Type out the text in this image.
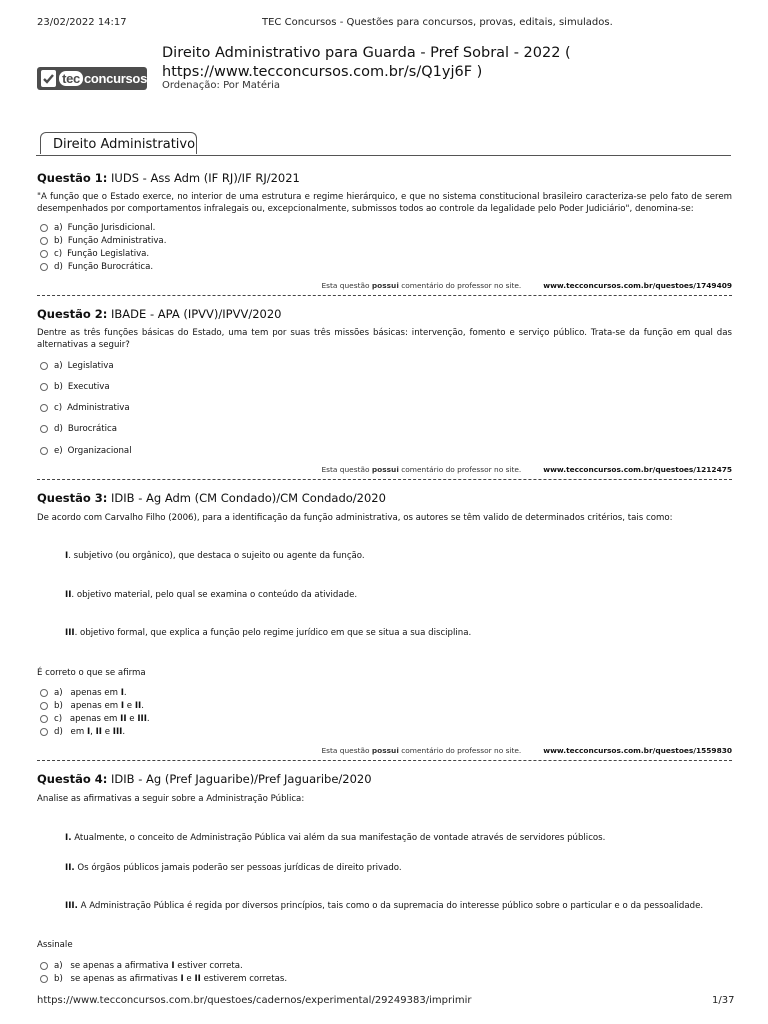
23/02/2022 14:17	TEC Concursos - Questões para concursos, provas, editais, simulados.
tec concursos
Direito Administrativo para Guarda - Pref Sobral - 2022 ( https://www.tecconcursos.com.br/s/Q1yj6F )
Ordenação: Por Matéria
Direito Administrativo
Questão 1: IUDS - Ass Adm (IF RJ)/IF RJ/2021
"A função que o Estado exerce, no interior de uma estrutura e regime hierárquico, e que no sistema constitucional brasileiro caracteriza-se pelo fato de serem desempenhados por comportamentos infralegais ou, excepcionalmente, submissos todos ao controle da legalidade pelo Poder Judiciário", denomina-se:
a) Função Jurisdicional.
b) Função Administrativa.
c) Função Legislativa.
d) Função Burocrática.
Esta questão possui comentário do professor no site.	www.tecconcursos.com.br/questoes/1749409
Questão 2: IBADE - APA (IPVV)/IPVV/2020
Dentre as três funções básicas do Estado, uma tem por suas três missões básicas: intervenção, fomento e serviço público. Trata-se da função em qual das alternativas a seguir?
a) Legislativa
b) Executiva
c) Administrativa
d) Burocrática
e) Organizacional
Esta questão possui comentário do professor no site.	www.tecconcursos.com.br/questoes/1212475
Questão 3: IDIB - Ag Adm (CM Condado)/CM Condado/2020
De acordo com Carvalho Filho (2006), para a identificação da função administrativa, os autores se têm valido de determinados critérios, tais como:
I. subjetivo (ou orgânico), que destaca o sujeito ou agente da função.
II. objetivo material, pelo qual se examina o conteúdo da atividade.
III. objetivo formal, que explica a função pelo regime jurídico em que se situa a sua disciplina.
É correto o que se afirma
a) apenas em I.
b) apenas em I e II.
c) apenas em II e III.
d) em I, II e III.
Esta questão possui comentário do professor no site.	www.tecconcursos.com.br/questoes/1559830
Questão 4: IDIB - Ag (Pref Jaguaribe)/Pref Jaguaribe/2020
Analise as afirmativas a seguir sobre a Administração Pública:
I. Atualmente, o conceito de Administração Pública vai além da sua manifestação de vontade através de servidores públicos.
II. Os órgãos públicos jamais poderão ser pessoas jurídicas de direito privado.
III. A Administração Pública é regida por diversos princípios, tais como o da supremacia do interesse público sobre o particular e o da pessoalidade.
Assinale
a) se apenas a afirmativa I estiver correta.
b) se apenas as afirmativas I e II estiverem corretas.
https://www.tecconcursos.com.br/questoes/cadernos/experimental/29249383/imprimir	1/37
